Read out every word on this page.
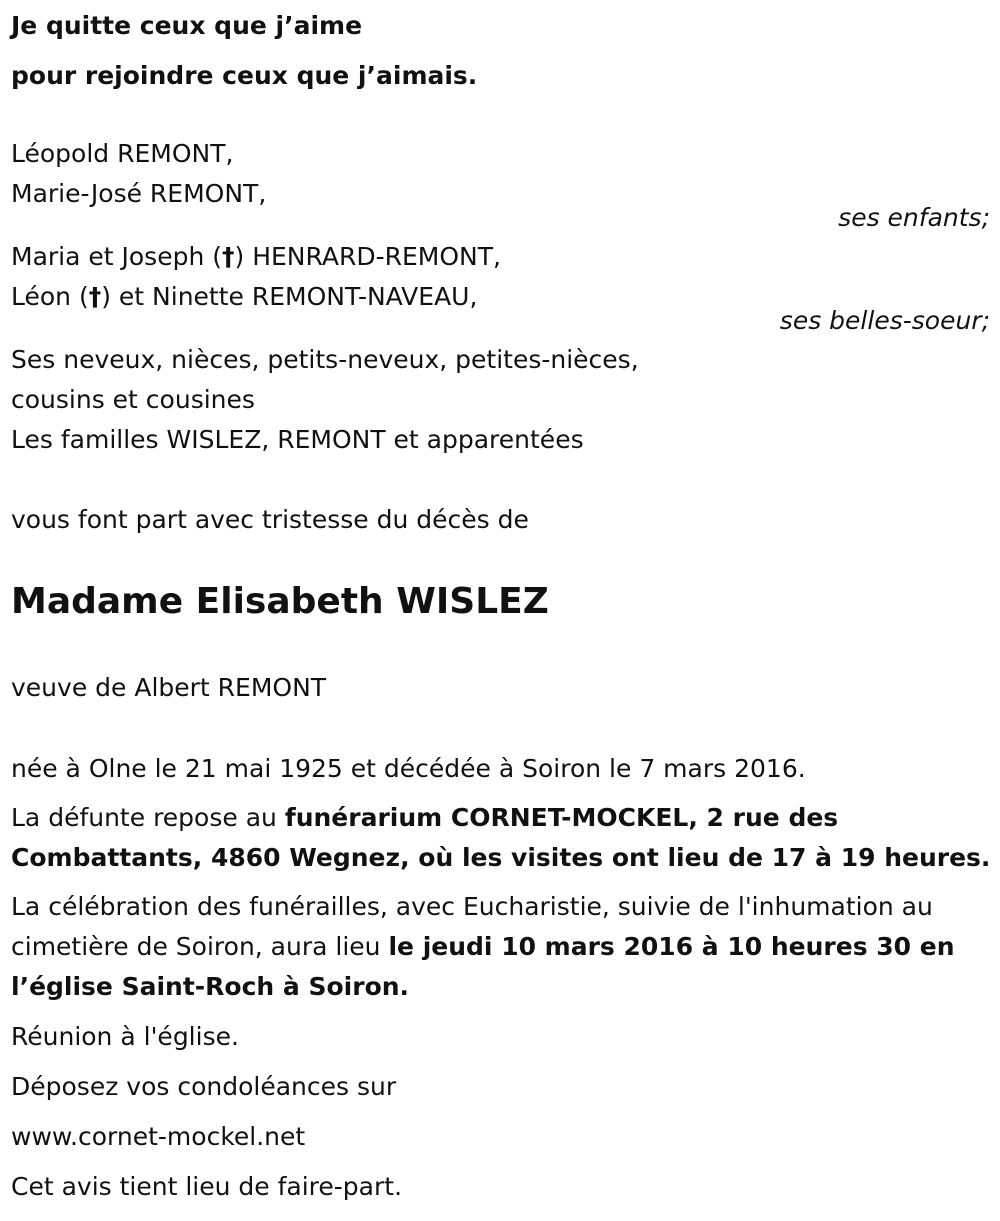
Je quitte ceux que j’aime
pour rejoindre ceux que j’aimais.
Léopold REMONT,
Marie-José REMONT,
ses enfants;
Maria et Joseph (†) HENRARD-REMONT,
Léon (†) et Ninette REMONT-NAVEAU,
ses belles-soeur;
Ses neveux, nièces, petits-neveux, petites-nièces,
cousins et cousines
Les familles WISLEZ, REMONT et apparentées
vous font part avec tristesse du décès de
Madame Elisabeth WISLEZ
veuve de Albert REMONT
née à Olne le 21 mai 1925 et décédée à Soiron le 7 mars 2016.
La défunte repose au funérarium CORNET-MOCKEL, 2 rue des
Combattants, 4860 Wegnez, où les visites ont lieu de 17 à 19 heures.
La célébration des funérailles, avec Eucharistie, suivie de l'inhumation au
cimetière de Soiron, aura lieu le jeudi 10 mars 2016 à 10 heures 30 en
l’église Saint-Roch à Soiron.
Réunion à l'église.
Déposez vos condoléances sur
www.cornet-mockel.net
Cet avis tient lieu de faire-part.
